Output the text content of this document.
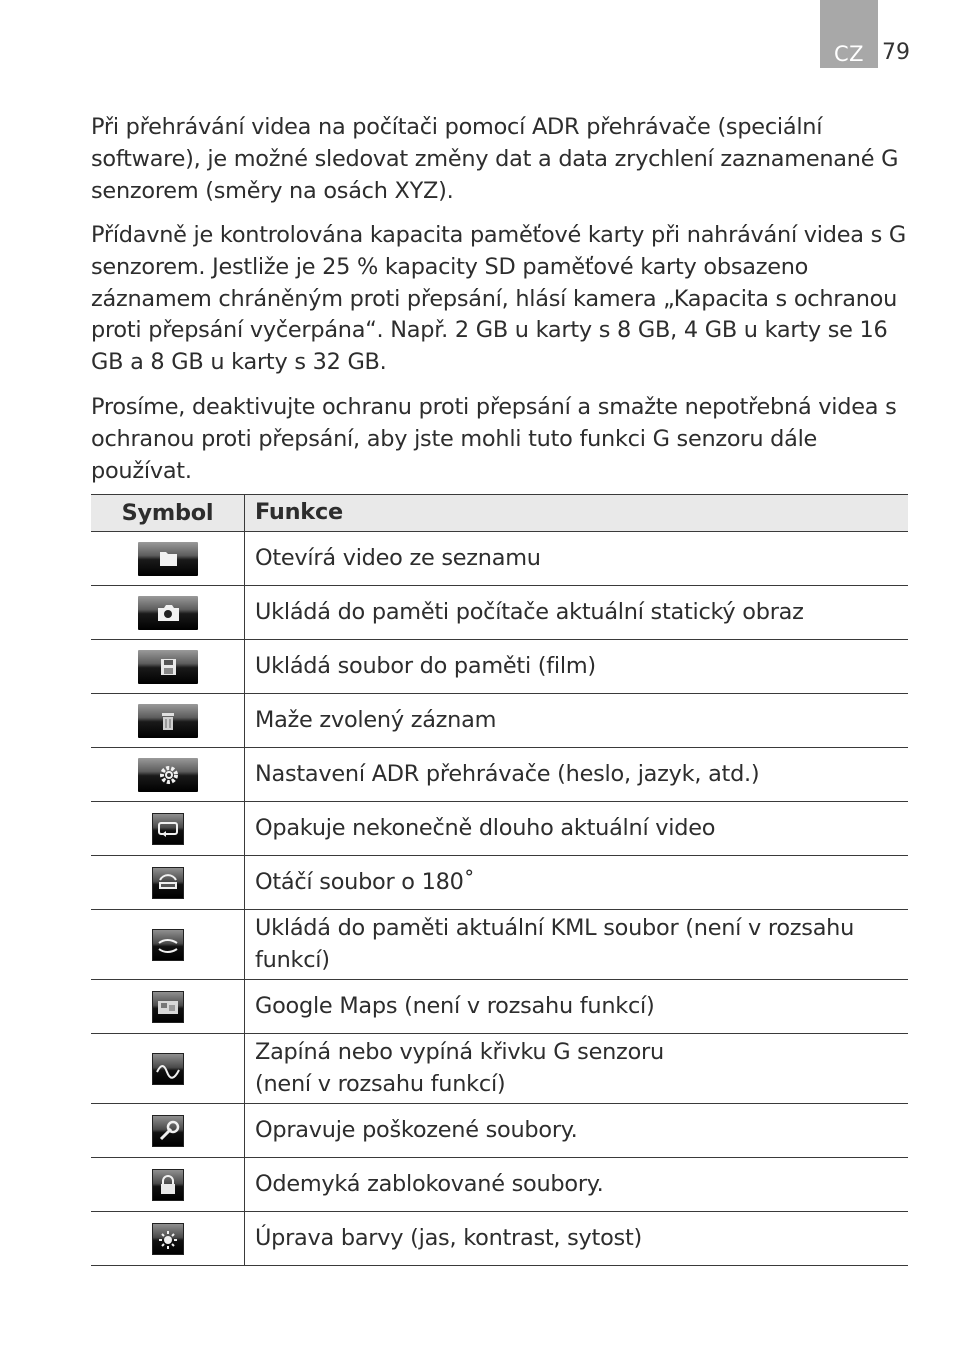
CZ 79
Při přehrávání videa na počítači pomocí ADR přehrávače (speciální software), je možné sledovat změny dat a data zrychlení zaznamenané G senzorem (směry na osách XYZ).
Přídavně je kontrolována kapacita paměťové karty při nahrávání videa s G senzorem. Jestliže je 25 % kapacity SD paměťové karty obsazeno záznamem chráněným proti přepsání, hlásí kamera „Kapacita s ochranou proti přepsání vyčerpána“. Např. 2 GB u karty s 8 GB, 4 GB u karty se 16 GB a 8 GB u karty s 32 GB.
Prosíme, deaktivujte ochranu proti přepsání a smažte nepotřebná videa s ochranou proti přepsání, aby jste mohli tuto funkci G senzoru dále používat.
Symbol	Funkce

	Otevírá video ze seznamu

	Ukládá do paměti počítače aktuální statický obraz

	Ukládá soubor do paměti (film)

	Maže zvolený záznam

	Nastavení ADR přehrávače (heslo, jazyk, atd.)

	Opakuje nekonečně dlouho aktuální video

	Otáčí soubor o 180˚

	Ukládá do paměti aktuální KML soubor (není v rozsahu funkcí)

	Google Maps (není v rozsahu funkcí)

	Zapíná nebo vypíná křivku G senzoru
(není v rozsahu funkcí)

	Opravuje poškozené soubory.

	Odemyká zablokované soubory.

	Úprava barvy (jas, kontrast, sytost)
